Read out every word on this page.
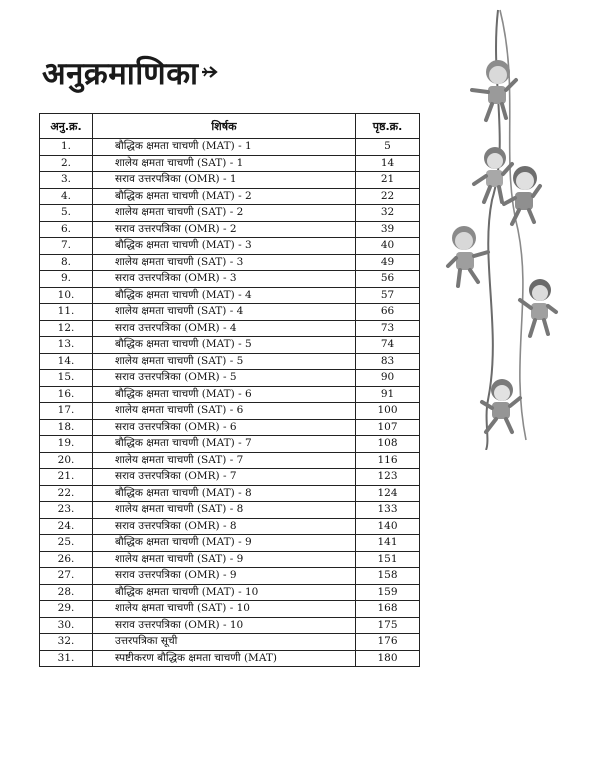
अनुक्रमाणिका
अनु.क्र.	शिर्षक	पृष्ठ.क्र.
1.	बौद्धिक क्षमता चाचणी (MAT) - 1	5
2.	शालेय क्षमता चाचणी (SAT) - 1	14
3.	सराव उत्तरपत्रिका (OMR) - 1	21
4.	बौद्धिक क्षमता चाचणी (MAT) - 2	22
5.	शालेय क्षमता चाचणी (SAT) - 2	32
6.	सराव उत्तरपत्रिका (OMR) - 2	39
7.	बौद्धिक क्षमता चाचणी (MAT) - 3	40
8.	शालेय क्षमता चाचणी (SAT) - 3	49
9.	सराव उत्तरपत्रिका (OMR) - 3	56
10.	बौद्धिक क्षमता चाचणी (MAT) - 4	57
11.	शालेय क्षमता चाचणी (SAT) - 4	66
12.	सराव उत्तरपत्रिका (OMR) - 4	73
13.	बौद्धिक क्षमता चाचणी (MAT) - 5	74
14.	शालेय क्षमता चाचणी (SAT) - 5	83
15.	सराव उत्तरपत्रिका (OMR) - 5	90
16.	बौद्धिक क्षमता चाचणी (MAT) - 6	91
17.	शालेय क्षमता चाचणी (SAT) - 6	100
18.	सराव उत्तरपत्रिका (OMR) - 6	107
19.	बौद्धिक क्षमता चाचणी (MAT) - 7	108
20.	शालेय क्षमता चाचणी (SAT) - 7	116
21.	सराव उत्तरपत्रिका (OMR) - 7	123
22.	बौद्धिक क्षमता चाचणी (MAT) - 8	124
23.	शालेय क्षमता चाचणी (SAT) - 8	133
24.	सराव उत्तरपत्रिका (OMR) - 8	140
25.	बौद्धिक क्षमता चाचणी (MAT) - 9	141
26.	शालेय क्षमता चाचणी (SAT) - 9	151
27.	सराव उत्तरपत्रिका (OMR) - 9	158
28.	बौद्धिक क्षमता चाचणी (MAT) - 10	159
29.	शालेय क्षमता चाचणी (SAT) - 10	168
30.	सराव उत्तरपत्रिका (OMR) - 10	175
32.	उत्तरपत्रिका सूची	176
31.	स्पष्टीकरण बौद्धिक क्षमता चाचणी (MAT)	180
